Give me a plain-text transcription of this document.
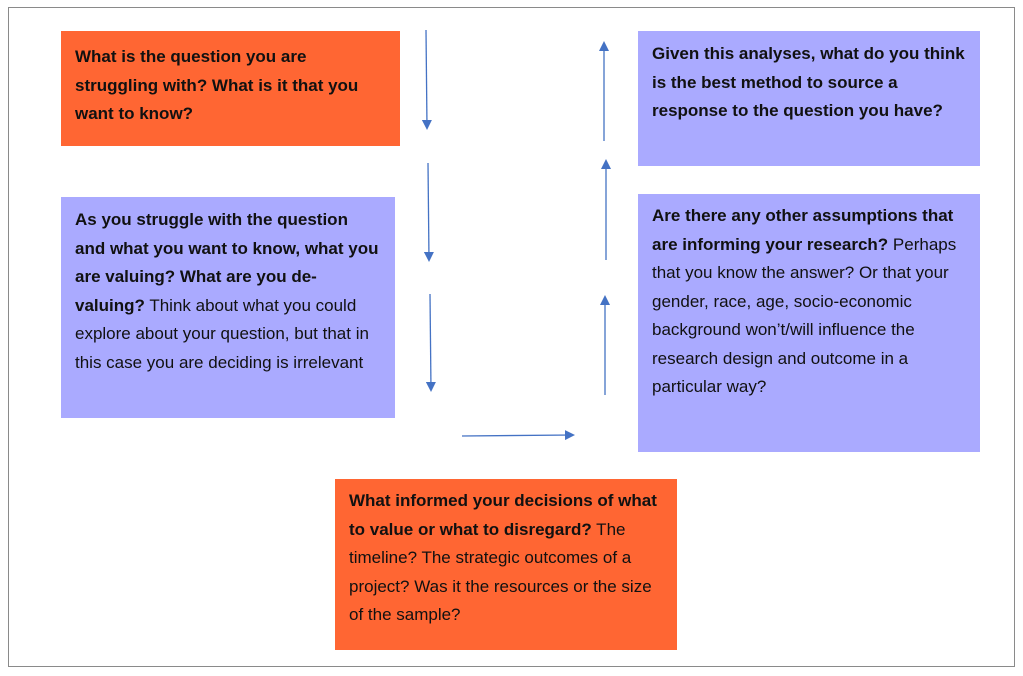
What is the question you are struggling with? What is it that you want to know?
As you struggle with the question and what you want to know, what you are valuing? What are you de-valuing? Think about what you could explore about your question, but that in this case you are deciding is irrelevant
What informed your decisions of what to value or what to disregard? The timeline? The strategic outcomes of a project? Was it the resources or the size of the sample?
Are there any other assumptions that are informing your research? Perhaps that you know the answer? Or that your gender, race, age, socio-economic background won’t/will influence the research design and outcome in a particular way?
Given this analyses, what do you think is the best method to source a response to the question you have?
